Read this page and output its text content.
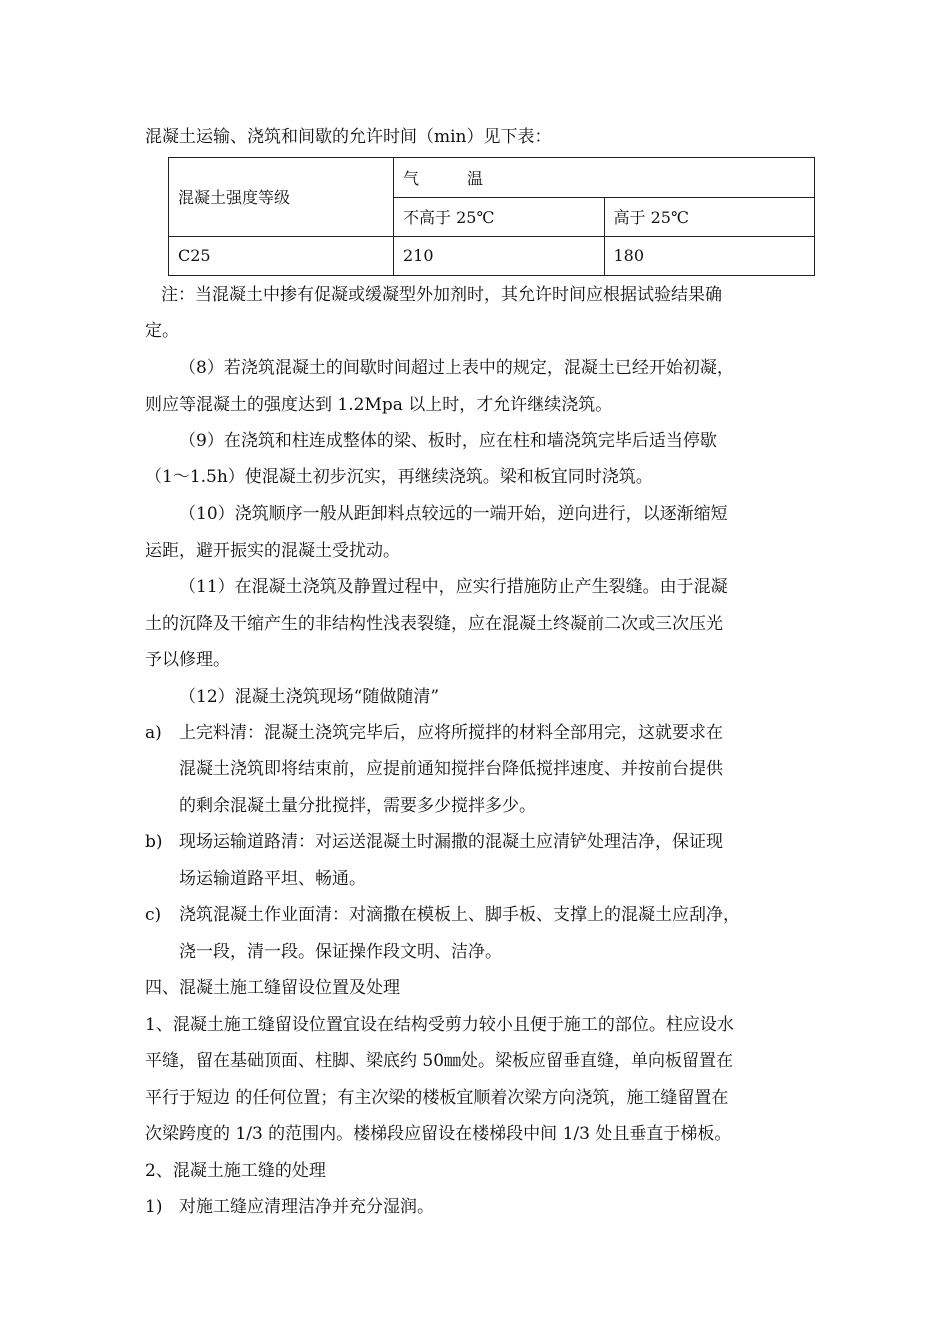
混凝土运输、浇筑和间歇的允许时间（min）见下表：

混凝土强度等级	气　　　温	
	不高于 25℃	高于 25℃
C25	210	180

注：当混凝土中掺有促凝或缓凝型外加剂时，其允许时间应根据试验结果确

定。

（8）若浇筑混凝土的间歇时间超过上表中的规定，混凝土已经开始初凝，

则应等混凝土的强度达到 1.2Mpa 以上时，才允许继续浇筑。

（9）在浇筑和柱连成整体的梁、板时，应在柱和墙浇筑完毕后适当停歇

（1～1.5h）使混凝土初步沉实，再继续浇筑。梁和板宜同时浇筑。

（10）浇筑顺序一般从距卸料点较远的一端开始，逆向进行，以逐渐缩短

运距，避开振实的混凝土受扰动。

（11）在混凝土浇筑及静置过程中，应实行措施防止产生裂缝。由于混凝

土的沉降及干缩产生的非结构性浅表裂缝，应在混凝土终凝前二次或三次压光

予以修理。

（12）混凝土浇筑现场“随做随清”

a) 上完料清：混凝土浇筑完毕后，应将所搅拌的材料全部用完，这就要求在

混凝土浇筑即将结束前，应提前通知搅拌台降低搅拌速度、并按前台提供

的剩余混凝土量分批搅拌，需要多少搅拌多少。

b) 现场运输道路清：对运送混凝土时漏撒的混凝土应清铲处理洁净，保证现

场运输道路平坦、畅通。

c) 浇筑混凝土作业面清：对滴撒在模板上、脚手板、支撑上的混凝土应刮净，

浇一段，清一段。保证操作段文明、洁净。

四、混凝土施工缝留设位置及处理

1、混凝土施工缝留设位置宜设在结构受剪力较小且便于施工的部位。柱应设水

平缝，留在基础顶面、柱脚、梁底约 50㎜处。梁板应留垂直缝，单向板留置在

平行于短边 的任何位置；有主次梁的楼板宜顺着次梁方向浇筑，施工缝留置在

次梁跨度的 1/3 的范围内。楼梯段应留设在楼梯段中间 1/3 处且垂直于梯板。

2、混凝土施工缝的处理

1) 对施工缝应清理洁净并充分湿润。
